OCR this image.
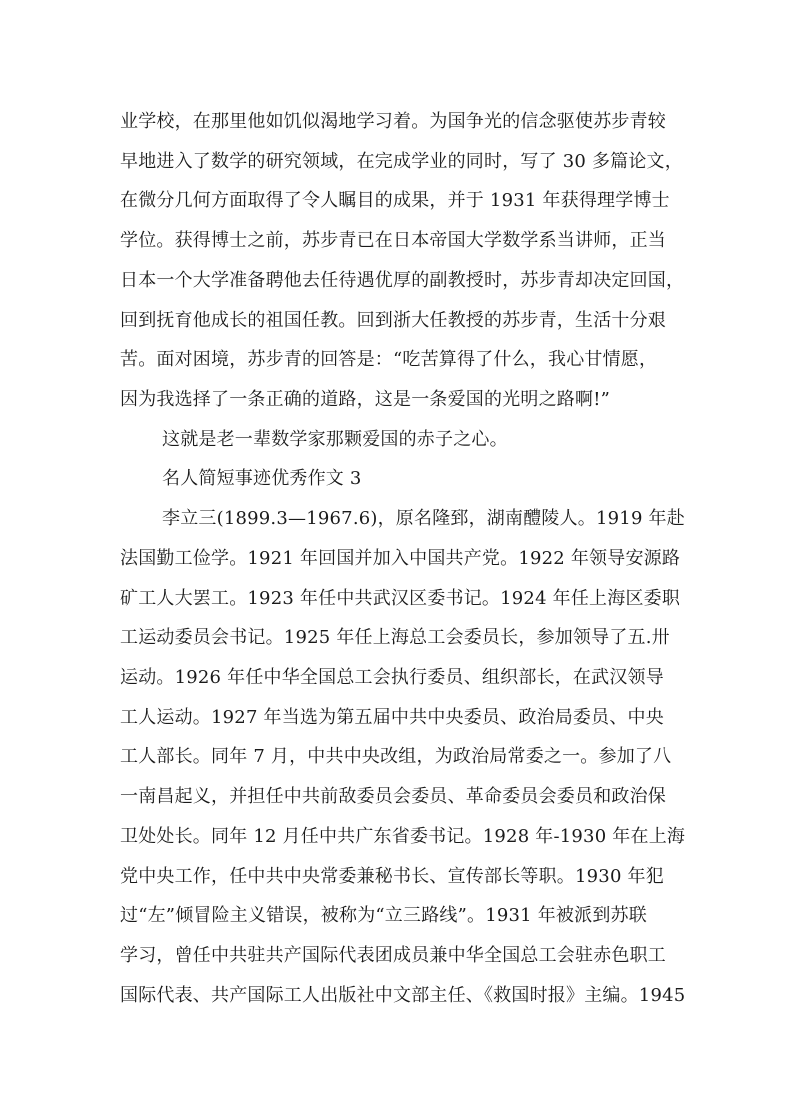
业学校，在那里他如饥似渴地学习着。为国争光的信念驱使苏步青较
早地进入了数学的研究领域，在完成学业的同时，写了 30 多篇论文，
在微分几何方面取得了令人瞩目的成果，并于 1931 年获得理学博士
学位。获得博士之前，苏步青已在日本帝国大学数学系当讲师，正当
日本一个大学准备聘他去任待遇优厚的副教授时，苏步青却决定回国，
回到抚育他成长的祖国任教。回到浙大任教授的苏步青，生活十分艰
苦。面对困境，苏步青的回答是：“吃苦算得了什么，我心甘情愿，
因为我选择了一条正确的道路，这是一条爱国的光明之路啊!”
这就是老一辈数学家那颗爱国的赤子之心。
名人简短事迹优秀作文 3
李立三(1899.3—1967.6)，原名隆郅，湖南醴陵人。1919 年赴
法国勤工俭学。1921 年回国并加入中国共产党。1922 年领导安源路
矿工人大罢工。1923 年任中共武汉区委书记。1924 年任上海区委职
工运动委员会书记。1925 年任上海总工会委员长，参加领导了五.卅
运动。1926 年任中华全国总工会执行委员、组织部长，在武汉领导
工人运动。1927 年当选为第五届中共中央委员、政治局委员、中央
工人部长。同年 7 月，中共中央改组，为政治局常委之一。参加了八
一南昌起义，并担任中共前敌委员会委员、革命委员会委员和政治保
卫处处长。同年 12 月任中共广东省委书记。1928 年-1930 年在上海
党中央工作，任中共中央常委兼秘书长、宣传部长等职。1930 年犯
过“左”倾冒险主义错误，被称为“立三路线”。1931 年被派到苏联
学习，曾任中共驻共产国际代表团成员兼中华全国总工会驻赤色职工
国际代表、共产国际工人出版社中文部主任、《救国时报》主编。1945
